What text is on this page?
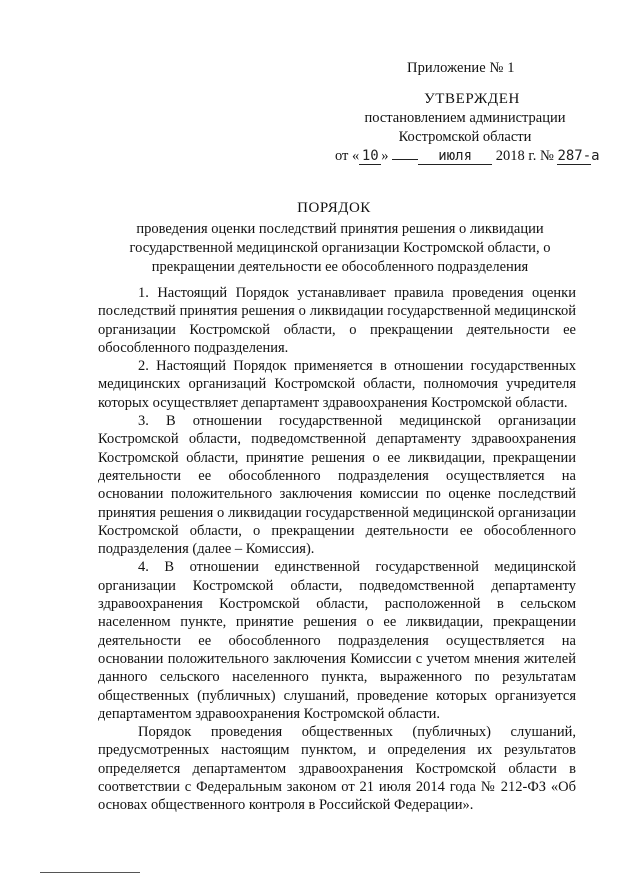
Приложение № 1
УТВЕРЖДЕН
постановлением администрации
Костромской области
от « 10 »	июля 2018 г. № 287-а
ПОРЯДОК
проведения оценки последствий принятия решения о ликвидации государственной медицинской организации Костромской области, о прекращении деятельности ее обособленного подразделения

1. Настоящий Порядок устанавливает правила проведения оценки последствий принятия решения о ликвидации государственной медицинской организации Костромской области, о прекращении деятельности ее обособленного подразделения.

2. Настоящий Порядок применяется в отношении государственных медицинских организаций Костромской области, полномочия учредителя которых осуществляет департамент здравоохранения Костромской области.

3. В отношении государственной медицинской организации Костромской области, подведомственной департаменту здравоохранения Костромской области, принятие решения о ее ликвидации, прекращении деятельности ее обособленного подразделения осуществляется на основании положительного заключения комиссии по оценке последствий принятия решения о ликвидации государственной медицинской организации Костромской области, о прекращении деятельности ее обособленного подразделения (далее – Комиссия).

4. В отношении единственной государственной медицинской организации Костромской области, подведомственной департаменту здравоохранения Костромской области, расположенной в сельском населенном пункте, принятие решения о ее ликвидации, прекращении деятельности ее обособленного подразделения осуществляется на основании положительного заключения Комиссии с учетом мнения жителей данного сельского населенного пункта, выраженного по результатам общественных (публичных) слушаний, проведение которых организуется департаментом здравоохранения Костромской области.

Порядок проведения общественных (публичных) слушаний, предусмотренных настоящим пунктом, и определения их результатов определяется департаментом здравоохранения Костромской области в соответствии с Федеральным законом от 21 июля 2014 года № 212-ФЗ «Об основах общественного контроля в Российской Федерации».
